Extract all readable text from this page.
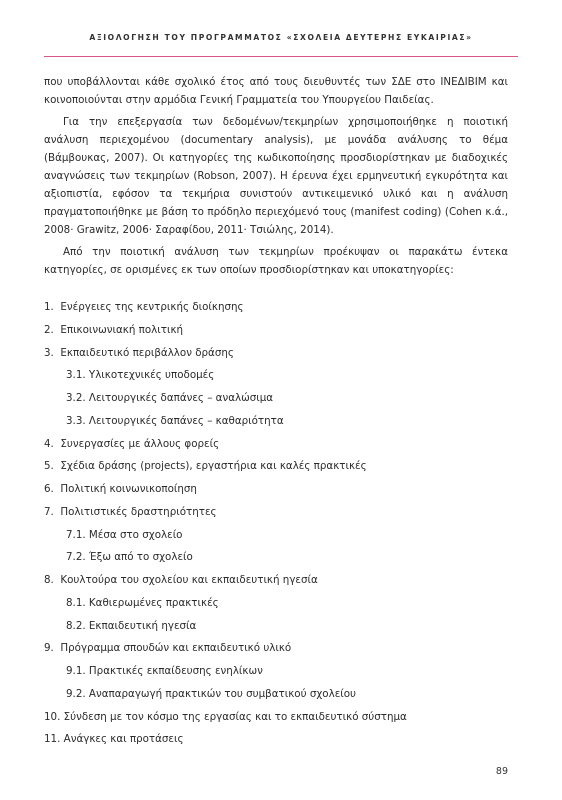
ΑΞΙΟΛΟΓΗΣΗ ΤΟΥ ΠΡΟΓΡΑΜΜΑΤΟΣ «ΣΧΟΛΕΙΑ ΔΕΥΤΕΡΗΣ ΕΥΚΑΙΡΙΑΣ»

που υποβάλλονται κάθε σχολικό έτος από τους διευθυντές των ΣΔΕ στο ΙΝΕΔΙΒΙΜ και κοινοποιούνται στην αρμόδια Γενική Γραμματεία του Υπουργείου Παιδείας.

Για την επεξεργασία των δεδομένων/τεκμηρίων χρησιμοποιήθηκε η ποιοτική ανάλυση περιεχομένου (documentary analysis), με μονάδα ανάλυσης το θέμα (Βάμβουκας, 2007). Οι κατηγορίες της κωδικοποίησης προσδιορίστηκαν με διαδοχικές αναγνώσεις των τεκμηρίων (Robson, 2007). Η έρευνα έχει ερμηνευτική εγκυρότητα και αξιοπιστία, εφόσον τα τεκμήρια συνιστούν αντικειμενικό υλικό και η ανάλυση πραγματοποιήθηκε με βάση το πρόδηλο περιεχόμενό τους (manifest coding) (Cohen κ.ά., 2008· Grawitz, 2006· Σαραφίδου, 2011· Τσιώλης, 2014).

Από την ποιοτική ανάλυση των τεκμηρίων προέκυψαν οι παρακάτω έντεκα κατηγορίες, σε ορισμένες εκ των οποίων προσδιορίστηκαν και υποκατηγορίες:

1.  Ενέργειες της κεντρικής διοίκησης
2.  Επικοινωνιακή πολιτική
3.  Εκπαιδευτικό περιβάλλον δράσης
3.1. Υλικοτεχνικές υποδομές
3.2. Λειτουργικές δαπάνες – αναλώσιμα
3.3. Λειτουργικές δαπάνες – καθαριότητα
4.  Συνεργασίες με άλλους φορείς
5.  Σχέδια δράσης (projects), εργαστήρια και καλές πρακτικές
6.  Πολιτική κοινωνικοποίηση
7.  Πολιτιστικές δραστηριότητες
7.1. Μέσα στο σχολείο
7.2. Έξω από το σχολείο
8.  Κουλτούρα του σχολείου και εκπαιδευτική ηγεσία
8.1. Καθιερωμένες πρακτικές
8.2. Εκπαιδευτική ηγεσία
9.  Πρόγραμμα σπουδών και εκπαιδευτικό υλικό
9.1. Πρακτικές εκπαίδευσης ενηλίκων
9.2. Αναπαραγωγή πρακτικών του συμβατικού σχολείου
10. Σύνδεση με τον κόσμο της εργασίας και το εκπαιδευτικό σύστημα
11. Ανάγκες και προτάσεις
89
